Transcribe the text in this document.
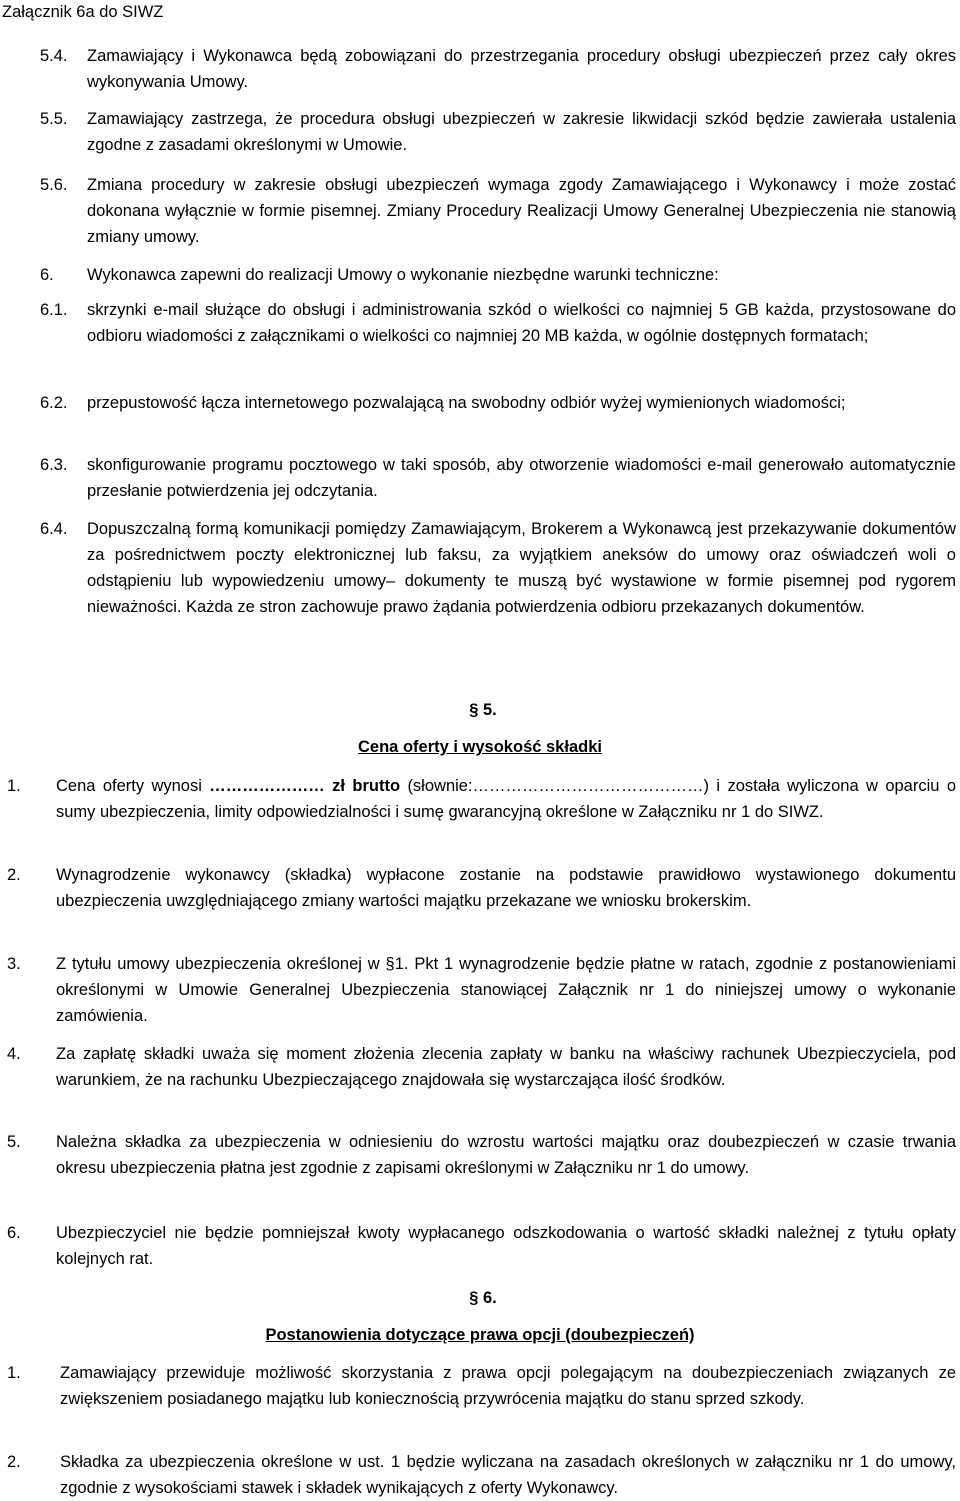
Załącznik 6a do SIWZ
5.4.	Zamawiający i Wykonawca będą zobowiązani do przestrzegania procedury obsługi ubezpieczeń przez cały okres wykonywania Umowy.
5.5.	Zamawiający zastrzega, że procedura obsługi ubezpieczeń w zakresie likwidacji szkód będzie zawierała ustalenia zgodne z zasadami określonymi w Umowie.
5.6.	Zmiana procedury w zakresie obsługi ubezpieczeń wymaga zgody Zamawiającego i Wykonawcy i może zostać dokonana wyłącznie w formie pisemnej. Zmiany Procedury Realizacji Umowy Generalnej Ubezpieczenia nie stanowią zmiany umowy.
6.	Wykonawca zapewni do realizacji Umowy o wykonanie niezbędne warunki techniczne:
6.1.	skrzynki e-mail służące do obsługi i administrowania szkód o wielkości co najmniej 5 GB każda, przystosowane do odbioru wiadomości z załącznikami o wielkości co najmniej 20 MB każda, w ogólnie dostępnych formatach;
6.2.	przepustowość łącza internetowego pozwalającą na swobodny odbiór wyżej wymienionych wiadomości;
6.3.	skonfigurowanie programu pocztowego w taki sposób, aby otworzenie wiadomości e-mail generowało automatycznie przesłanie potwierdzenia jej odczytania.
6.4.	Dopuszczalną formą komunikacji pomiędzy Zamawiającym, Brokerem a Wykonawcą jest przekazywanie dokumentów za pośrednictwem poczty elektronicznej lub faksu, za wyjątkiem aneksów do umowy oraz oświadczeń woli o odstąpieniu lub wypowiedzeniu umowy– dokumenty te muszą być wystawione w formie pisemnej pod rygorem nieważności. Każda ze stron zachowuje prawo żądania potwierdzenia odbioru przekazanych dokumentów.
§ 5.
Cena oferty i wysokość składki
1.	Cena oferty wynosi ………………… zł brutto (słownie:……………………………………) i została wyliczona w oparciu o sumy ubezpieczenia, limity odpowiedzialności i sumę gwarancyjną określone w Załączniku nr 1 do SIWZ.
2.	Wynagrodzenie wykonawcy (składka) wypłacone zostanie na podstawie prawidłowo wystawionego dokumentu ubezpieczenia uwzględniającego zmiany wartości majątku przekazane we wniosku brokerskim.
3.	Z tytułu umowy ubezpieczenia określonej w §1. Pkt 1 wynagrodzenie będzie płatne w ratach, zgodnie z postanowieniami określonymi w Umowie Generalnej Ubezpieczenia stanowiącej Załącznik nr 1 do niniejszej umowy o wykonanie zamówienia.
4.	Za zapłatę składki uważa się moment złożenia zlecenia zapłaty w banku na właściwy rachunek Ubezpieczyciela, pod warunkiem, że na rachunku Ubezpieczającego znajdowała się wystarczająca ilość środków.
5.	Należna składka za ubezpieczenia w odniesieniu do wzrostu wartości majątku oraz doubezpieczeń w czasie trwania okresu ubezpieczenia płatna jest zgodnie z zapisami określonymi w Załączniku nr 1 do umowy.
6.	Ubezpieczyciel nie będzie pomniejszał kwoty wypłacanego odszkodowania o wartość składki należnej z tytułu opłaty kolejnych rat.
§ 6.
Postanowienia dotyczące prawa opcji (doubezpieczeń)
1.	Zamawiający przewiduje możliwość skorzystania z prawa opcji polegającym na doubezpieczeniach związanych ze zwiększeniem posiadanego majątku lub koniecznością przywrócenia majątku do stanu sprzed szkody.
2.	Składka za ubezpieczenia określone w ust. 1 będzie wyliczana na zasadach określonych w załączniku nr 1 do umowy, zgodnie z wysokościami stawek i składek wynikających z oferty Wykonawcy.
